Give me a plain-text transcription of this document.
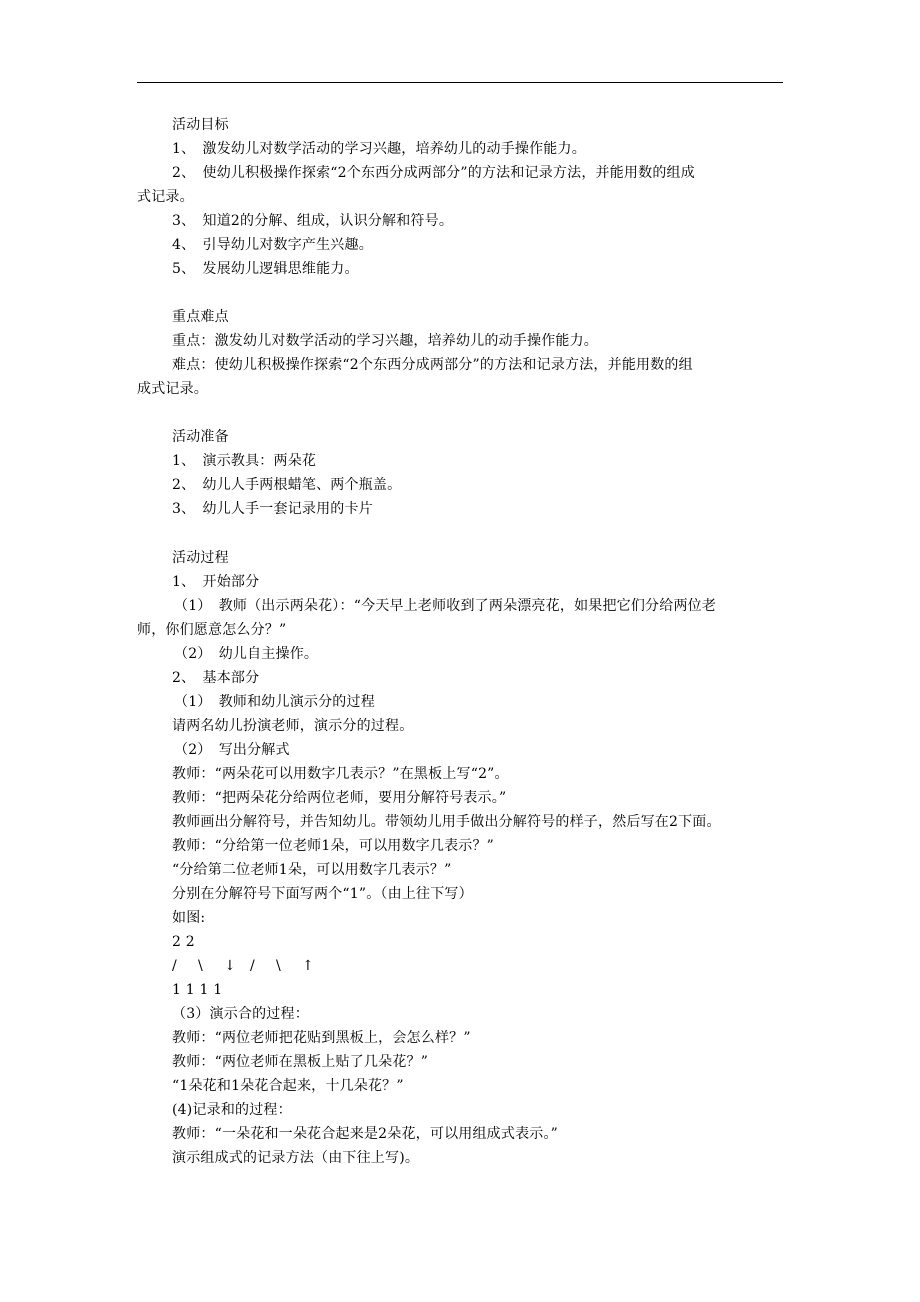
活动目标
1、　激发幼儿对数学活动的学习兴趣，培养幼儿的动手操作能力。
2、　使幼儿积极操作探索“2个东西分成两部分”的方法和记录方法，并能用数的组成
式记录。
3、　知道2的分解、组成，认识分解和符号。
4、　引导幼儿对数字产生兴趣。
5、　发展幼儿逻辑思维能力。
重点难点
重点：激发幼儿对数学活动的学习兴趣，培养幼儿的动手操作能力。
难点：使幼儿积极操作探索“2个东西分成两部分”的方法和记录方法，并能用数的组
成式记录。
活动准备
1、　演示教具：两朵花
2、　幼儿人手两根蜡笔、两个瓶盖。
3、　幼儿人手一套记录用的卡片
活动过程
1、　开始部分
（1）　教师（出示两朵花）：“今天早上老师收到了两朵漂亮花，如果把它们分给两位老
师，你们愿意怎么分？”
（2）　幼儿自主操作。
2、　基本部分
（1）　教师和幼儿演示分的过程
请两名幼儿扮演老师，演示分的过程。
（2）　写出分解式
教师：“两朵花可以用数字几表示？”在黑板上写“2”。
教师：“把两朵花分给两位老师，要用分解符号表示。”
教师画出分解符号，并告知幼儿。带领幼儿用手做出分解符号的样子，然后写在2下面。
教师：“分给第一位老师1朵，可以用数字几表示？”
“分给第二位老师1朵，可以用数字几表示？”
分别在分解符号下面写两个“1”。（由上往下写）
如图:
2 2
/ \ ↓ / \ ↑
1 1 1 1
（3）演示合的过程：
教师：“两位老师把花贴到黑板上，会怎么样？”
教师：“两位老师在黑板上贴了几朵花？”
“1朵花和1朵花合起来，十几朵花？”
(4)记录和的过程：
教师：“一朵花和一朵花合起来是2朵花，可以用组成式表示。”
演示组成式的记录方法（由下往上写)。
